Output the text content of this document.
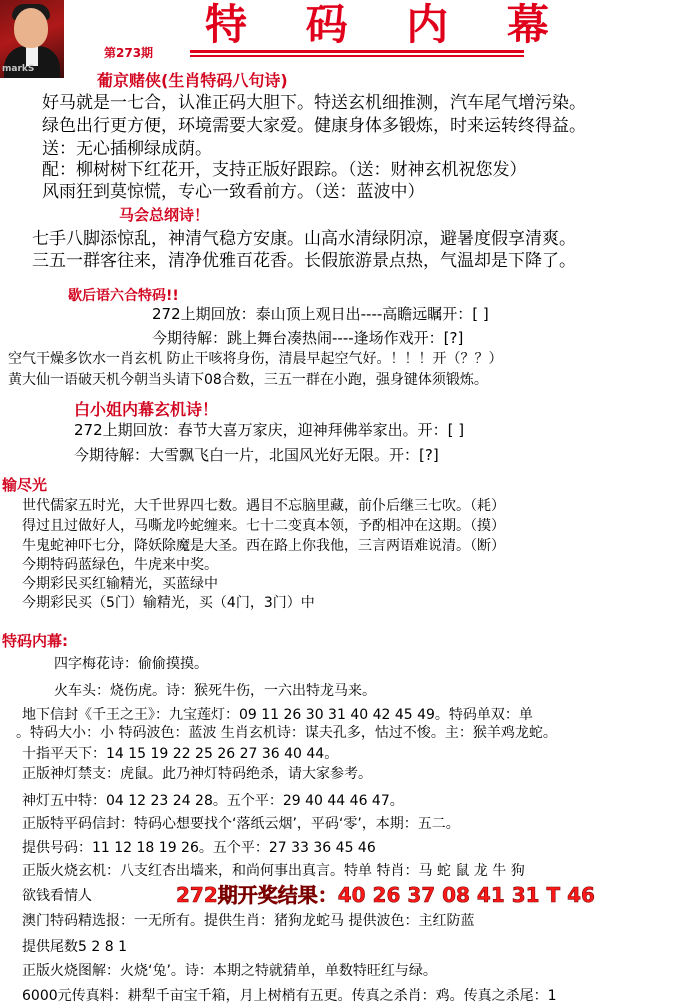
markS
特 码 内 幕
第273期
葡京赌侠(生肖特码八句诗)
好马就是一七合，认准正码大胆下。特送玄机细推测，汽车尾气增污染。
绿色出行更方便，环境需要大家爱。健康身体多锻炼，时来运转终得益。
送：无心插柳绿成荫。
配：柳树树下红花开，支持正版好跟踪。（送：财神玄机祝您发）
风雨狂到莫惊慌，专心一致看前方。（送：蓝波中）
马会总纲诗！
七手八脚添惊乱，神清气稳方安康。山高水清绿阴凉，避暑度假享清爽。
三五一群客往来，清净优雅百花香。长假旅游景点热，气温却是下降了。
歇后语六合特码!!
272上期回放：泰山顶上观日出----高瞻远瞩开：[ ]
今期待解：跳上舞台凑热闹----逢场作戏开：[?]
空气干燥多饮水一肖玄机 防止干咳将身伤，清晨早起空气好。！！！开（？？）
黄大仙一语破天机今朝当头请下08合数，三五一群在小跑，强身键体须锻炼。
白小姐内幕玄机诗！
272上期回放：春节大喜万家庆，迎神拜佛举家出。开：[ ]
今期待解：大雪飘飞白一片，北国风光好无限。开：[?]
输尽光
世代儒家五时光，大千世界四七数。遇目不忘脑里藏，前仆后继三七吹。（耗）
得过且过做好人，马嘶龙吟蛇缠来。七十二变真本领，予酌相冲在这期。（摸）
牛鬼蛇神吓七分，降妖除魔是大圣。西在路上你我他，三言两语难说清。（断）
今期特码蓝绿色，牛虎来中奖。
今期彩民买红输精光，买蓝绿中
今期彩民买（5门）输精光，买（4门，3门）中
特码内幕:
四字梅花诗：偷偷摸摸。
火车头：烧伤虎。诗：猴死牛伤，一六出特龙马来。
地下信封《千王之王》：九宝莲灯：09 11 26 30 31 40 42 45 49。特码单双：单
。特码大小：小 特码波色：蓝波 生肖玄机诗：谋夫孔多，怙过不悛。主：猴羊鸡龙蛇。
十指平天下：14 15 19 22 25 26 27 36 40 44。
正版神灯禁支：虎鼠。此乃神灯特码绝杀，请大家参考。
神灯五中特：04 12 23 24 28。五个平：29 40 44 46 47。
正版特平码信封：特码心想要找个‘落纸云烟’，平码‘零’，本期：五二。
提供号码：11 12 18 19 26。五个平：27 33 36 45 46
正版火烧玄机：八支红杏出墙来，和尚何事出真言。特单 特肖：马 蛇 鼠 龙 牛 狗
欲钱看情人	272期开奖结果：40 26 37 08 41 31 T 46
澳门特码精选报：一无所有。提供生肖：猪狗龙蛇马 提供波色：主红防蓝
提供尾数5 2 8 1
正版火烧图解：火烧‘兔’。诗：本期之特就猜单，单数特旺红与绿。
6000元传真料：耕犁千亩宝千箱，月上树梢有五更。传真之杀肖：鸡。传真之杀尾：1
